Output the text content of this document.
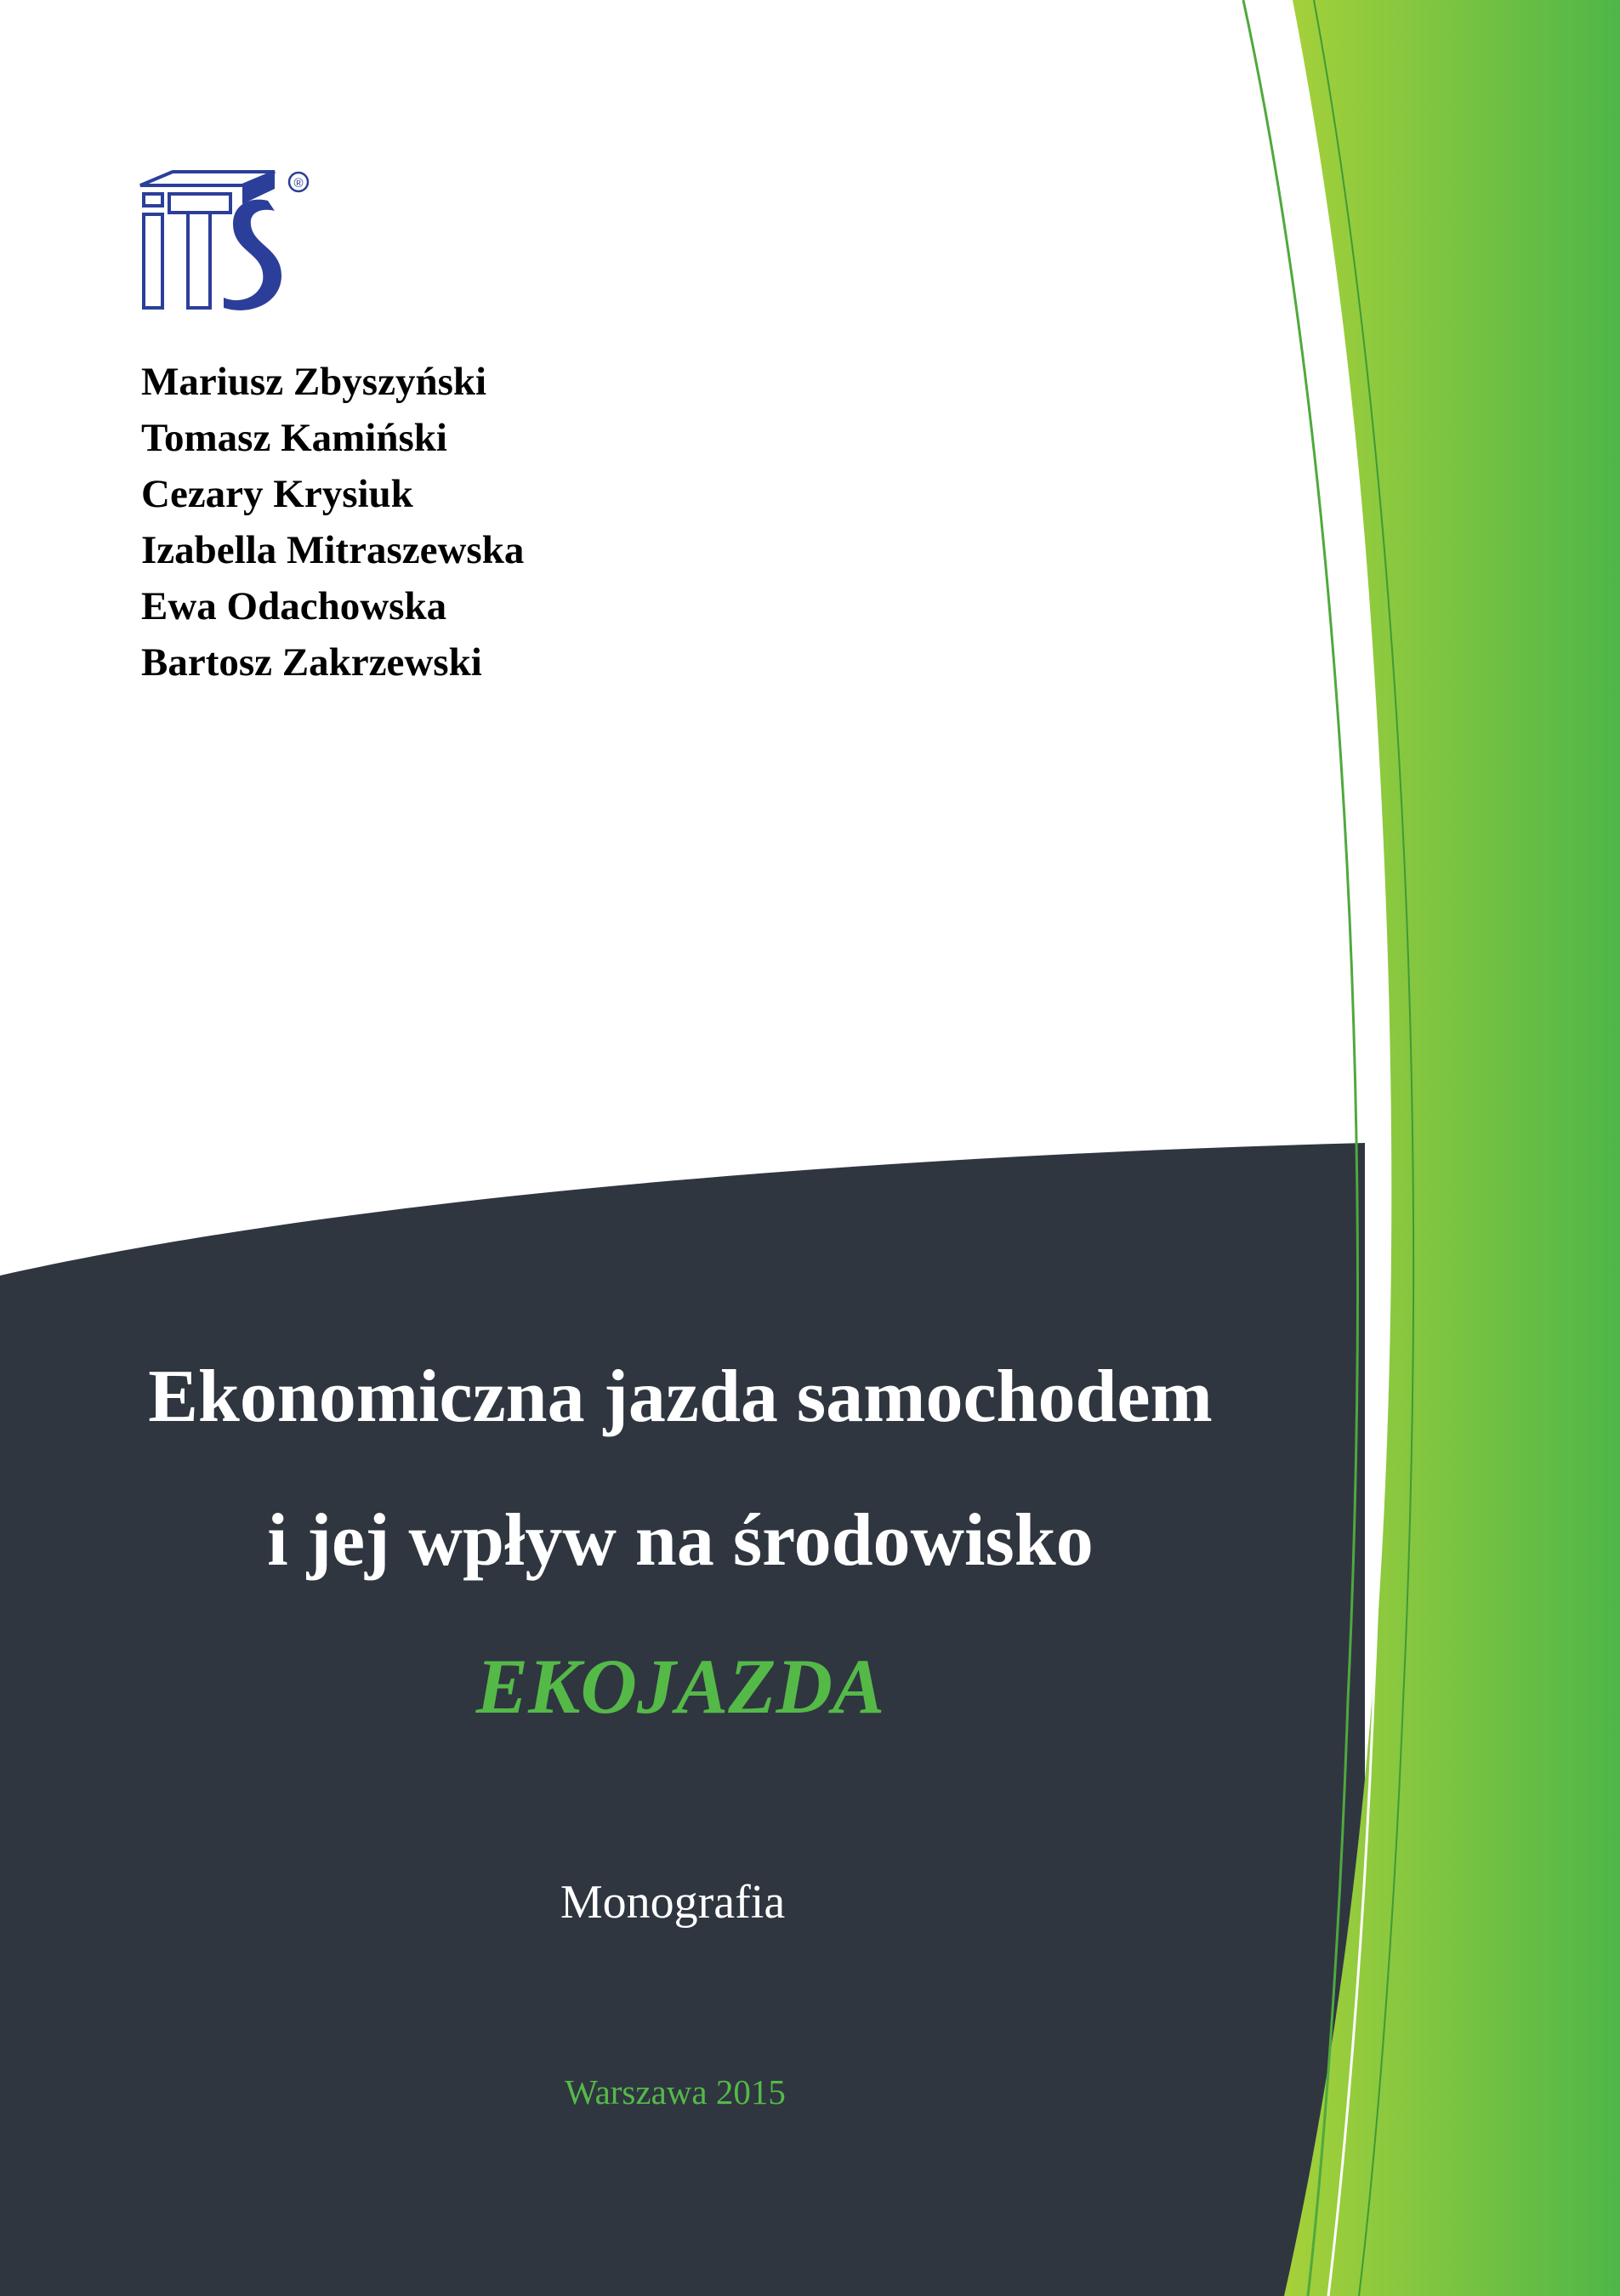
®
Mariusz Zbyszyński
Tomasz Kamiński
Cezary Krysiuk
Izabella Mitraszewska
Ewa Odachowska
Bartosz Zakrzewski
Ekonomiczna jazda samochodem
i jej wpływ na środowisko
EKOJAZDA
Monografia
Warszawa 2015
